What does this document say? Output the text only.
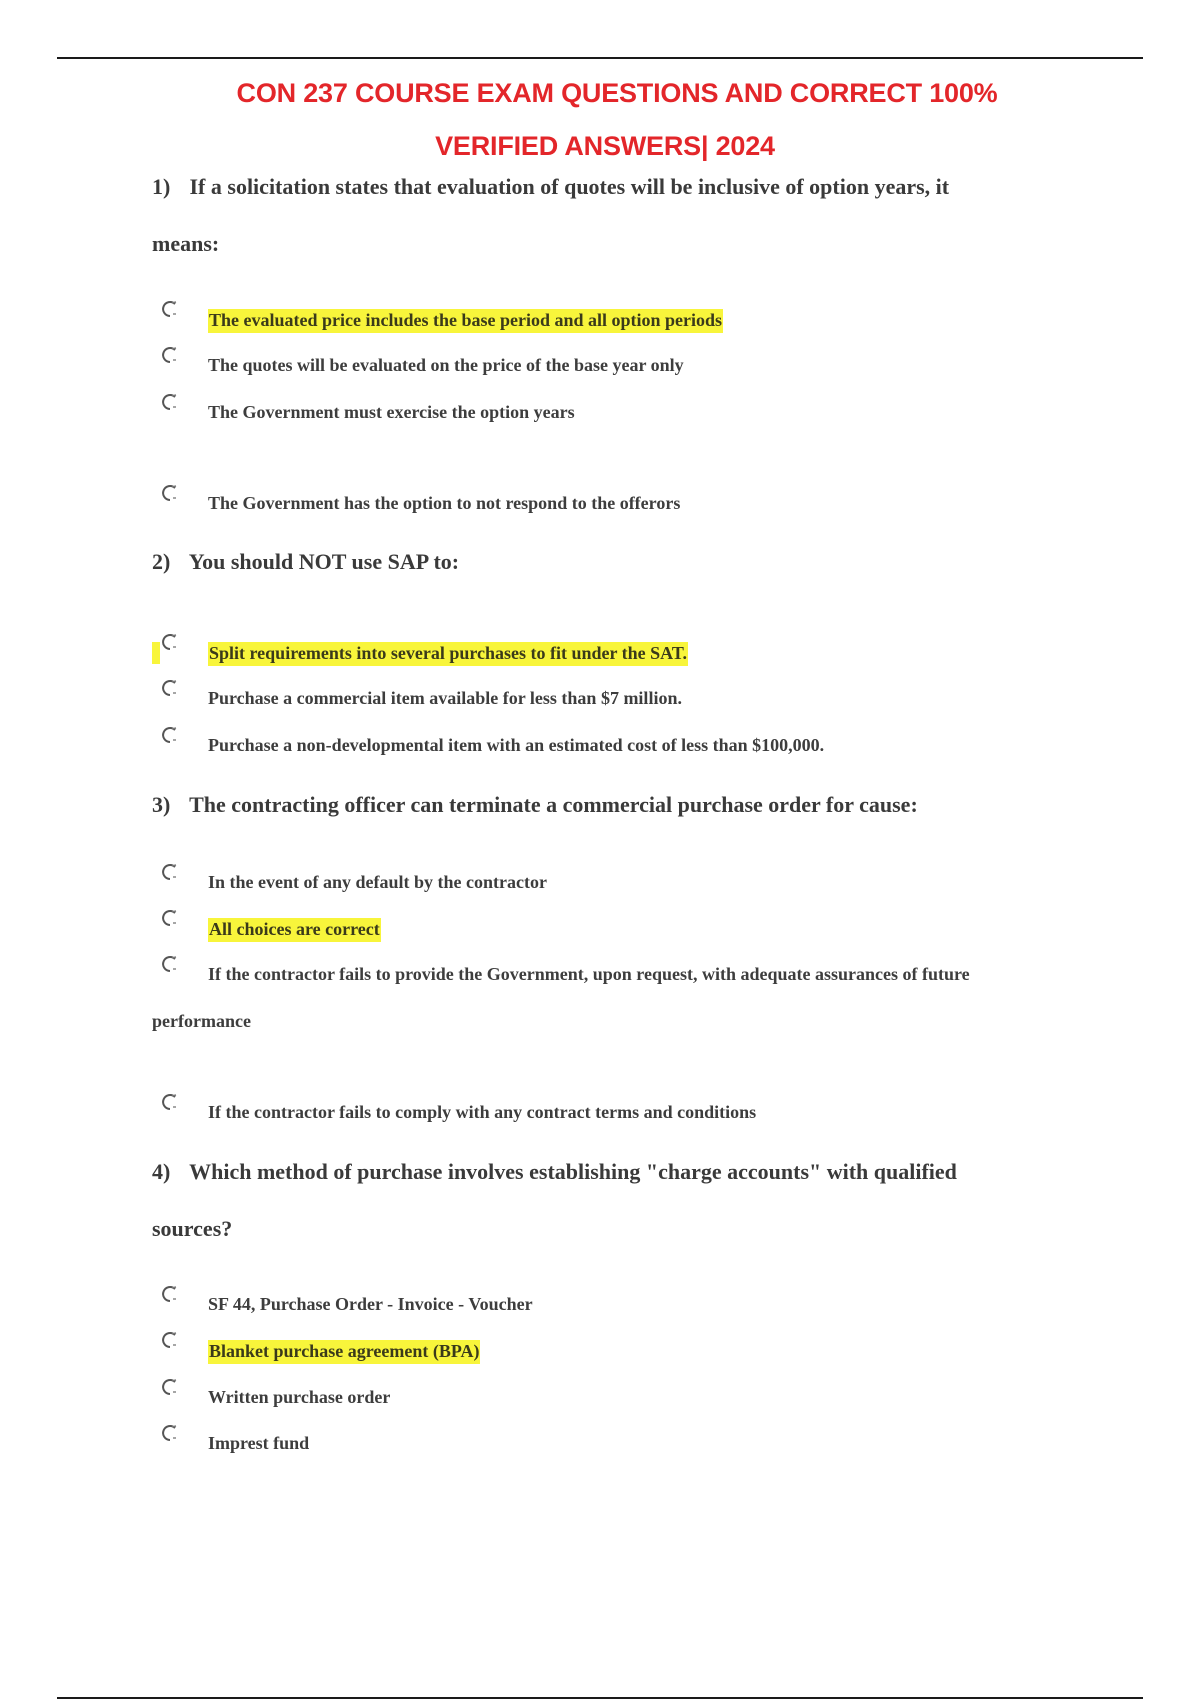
CON 237 COURSE EXAM QUESTIONS AND CORRECT 100%
VERIFIED ANSWERS| 2024
1) If a solicitation states that evaluation of quotes will be inclusive of option years, it
means:
The evaluated price includes the base period and all option periods
The quotes will be evaluated on the price of the base year only
The Government must exercise the option years
The Government has the option to not respond to the offerors
2) You should NOT use SAP to:
Split requirements into several purchases to fit under the SAT.
Purchase a commercial item available for less than $7 million.
Purchase a non-developmental item with an estimated cost of less than $100,000.
3) The contracting officer can terminate a commercial purchase order for cause:
In the event of any default by the contractor
All choices are correct
If the contractor fails to provide the Government, upon request, with adequate assurances of future
performance
If the contractor fails to comply with any contract terms and conditions
4) Which method of purchase involves establishing "charge accounts" with qualified
sources?
SF 44, Purchase Order - Invoice - Voucher
Blanket purchase agreement (BPA)
Written purchase order
Imprest fund
